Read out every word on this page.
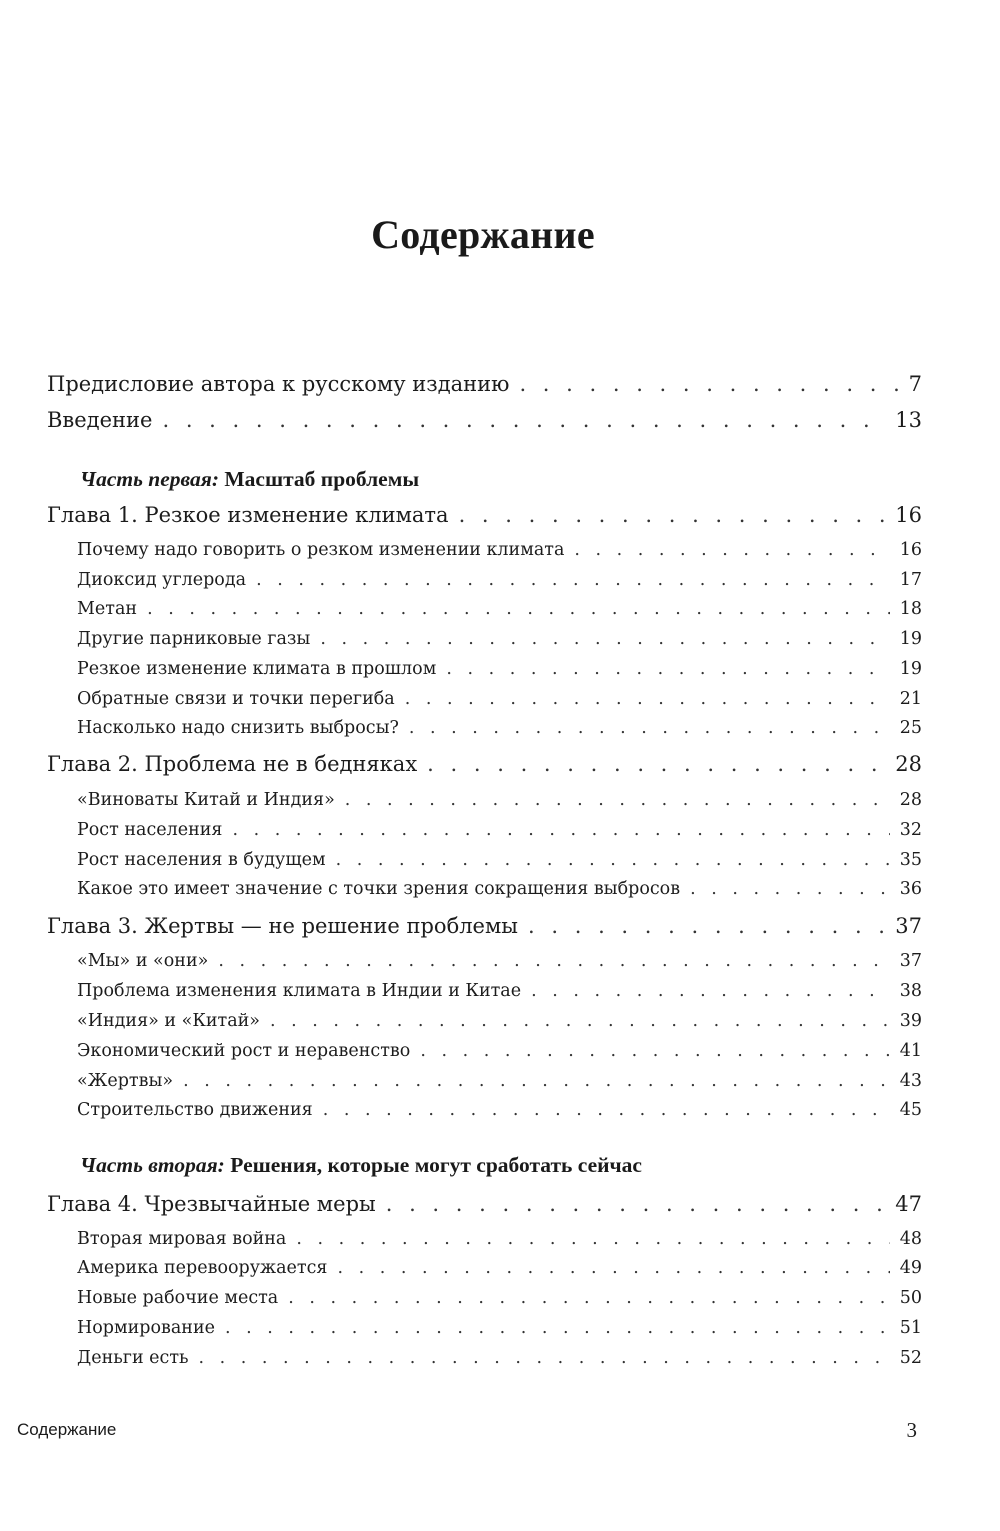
Содержание
Предисловие автора к русскому изданию . . .	7
Введение . . .	13
Часть первая: Масштаб проблемы
Глава 1. Резкое изменение климата . . .	16
Почему надо говорить о резком изменении климата . . .	16
Диоксид углерода . . .	17
Метан . . .	18
Другие парниковые газы . . .	19
Резкое изменение климата в прошлом . . .	19
Обратные связи и точки перегиба . . .	21
Насколько надо снизить выбросы? . . .	25
Глава 2. Проблема не в бедняках . . .	28
«Виноваты Китай и Индия» . . .	28
Рост населения . . .	32
Рост населения в будущем . . .	35
Какое это имеет значение с точки зрения сокращения выбросов . . .	36
Глава 3. Жертвы — не решение проблемы . . .	37
«Мы» и «они» . . .	37
Проблема изменения климата в Индии и Китае . . .	38
«Индия» и «Китай» . . .	39
Экономический рост и неравенство . . .	41
«Жертвы» . . .	43
Строительство движения . . .	45
Часть вторая: Решения, которые могут сработать сейчас
Глава 4. Чрезвычайные меры . . .	47
Вторая мировая война . . .	48
Америка перевооружается . . .	49
Новые рабочие места . . .	50
Нормирование . . .	51
Деньги есть . . .	52
Содержание	3
